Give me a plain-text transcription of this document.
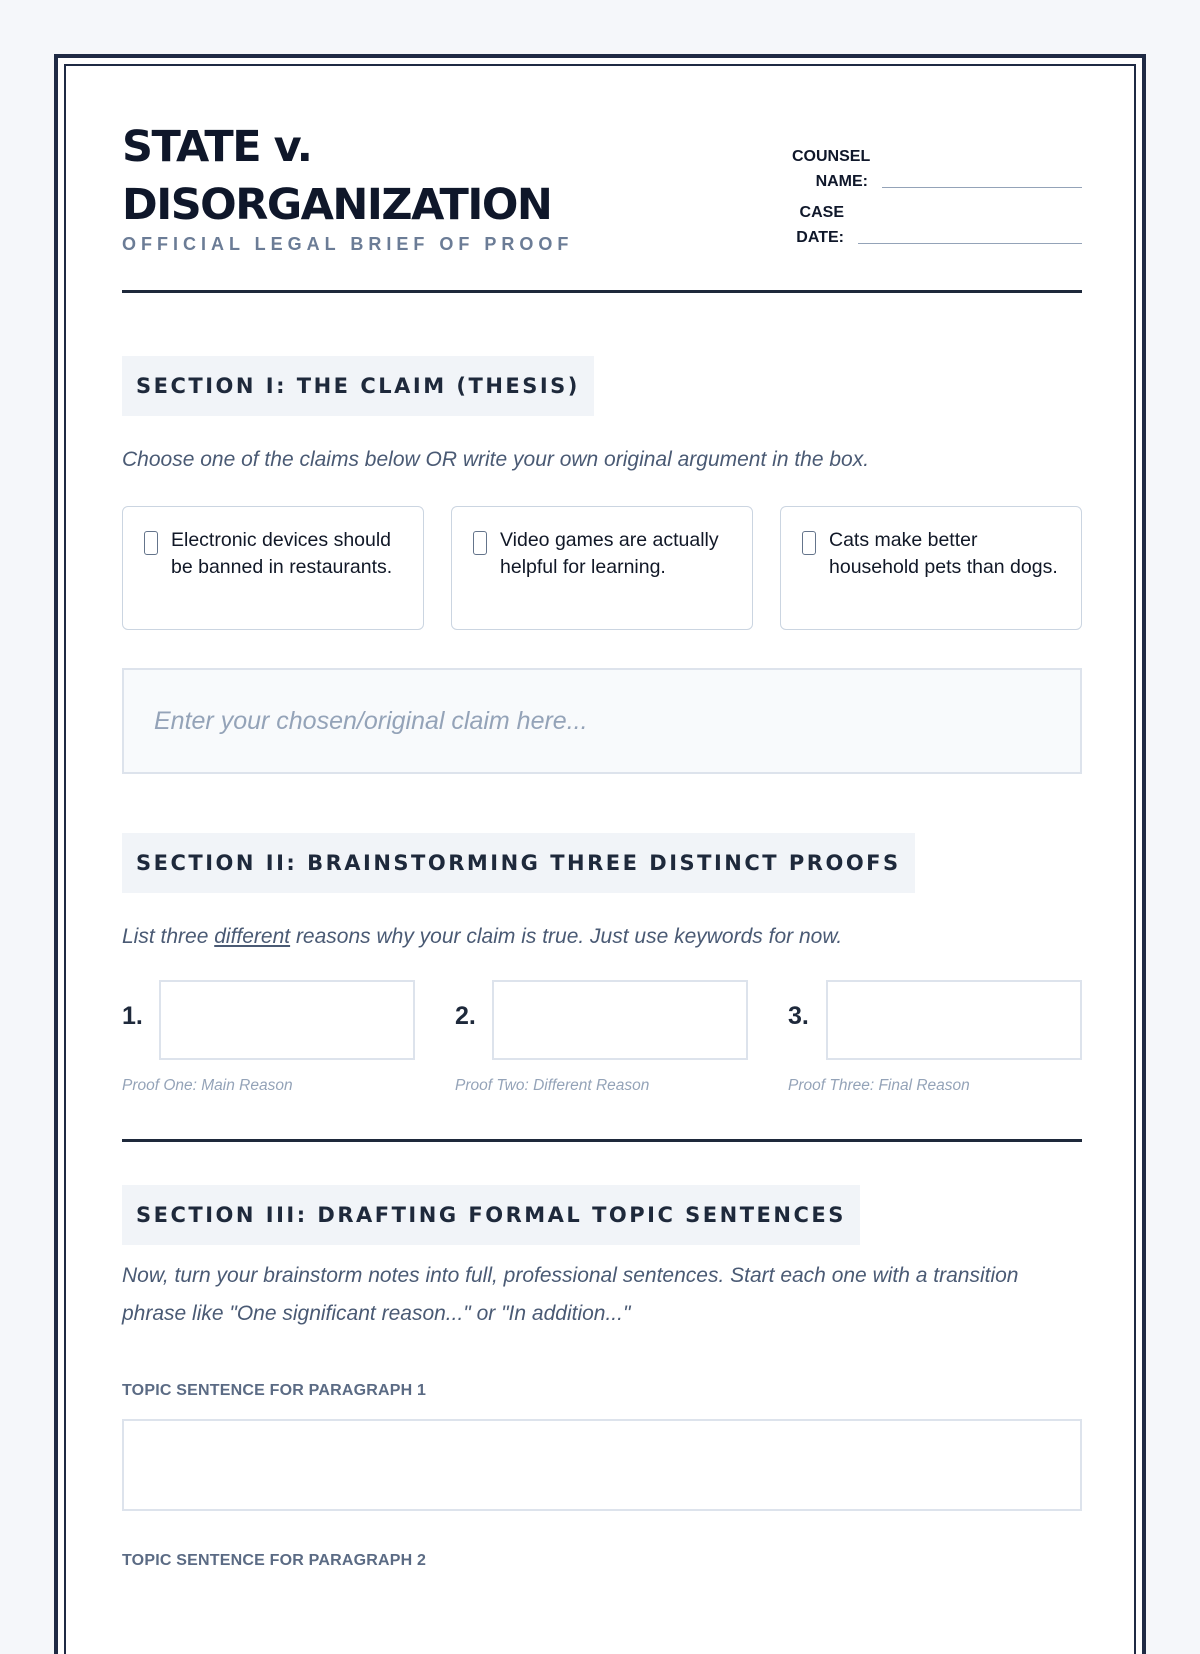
STATE v. DISORGANIZATION
OFFICIAL LEGAL BRIEF OF PROOF
COUNSEL NAME:
CASE DATE:
SECTION I: THE CLAIM (THESIS)
Choose one of the claims below OR write your own original argument in the box.
Electronic devices should be banned in restaurants.
Video games are actually helpful for learning.
Cats make better household pets than dogs.
Enter your chosen/original claim here...
SECTION II: BRAINSTORMING THREE DISTINCT PROOFS
List three different reasons why your claim is true. Just use keywords for now.
1.
Proof One: Main Reason
2.
Proof Two: Different Reason
3.
Proof Three: Final Reason
SECTION III: DRAFTING FORMAL TOPIC SENTENCES
Now, turn your brainstorm notes into full, professional sentences. Start each one with a transition phrase like "One significant reason..." or "In addition..."
TOPIC SENTENCE FOR PARAGRAPH 1
TOPIC SENTENCE FOR PARAGRAPH 2
